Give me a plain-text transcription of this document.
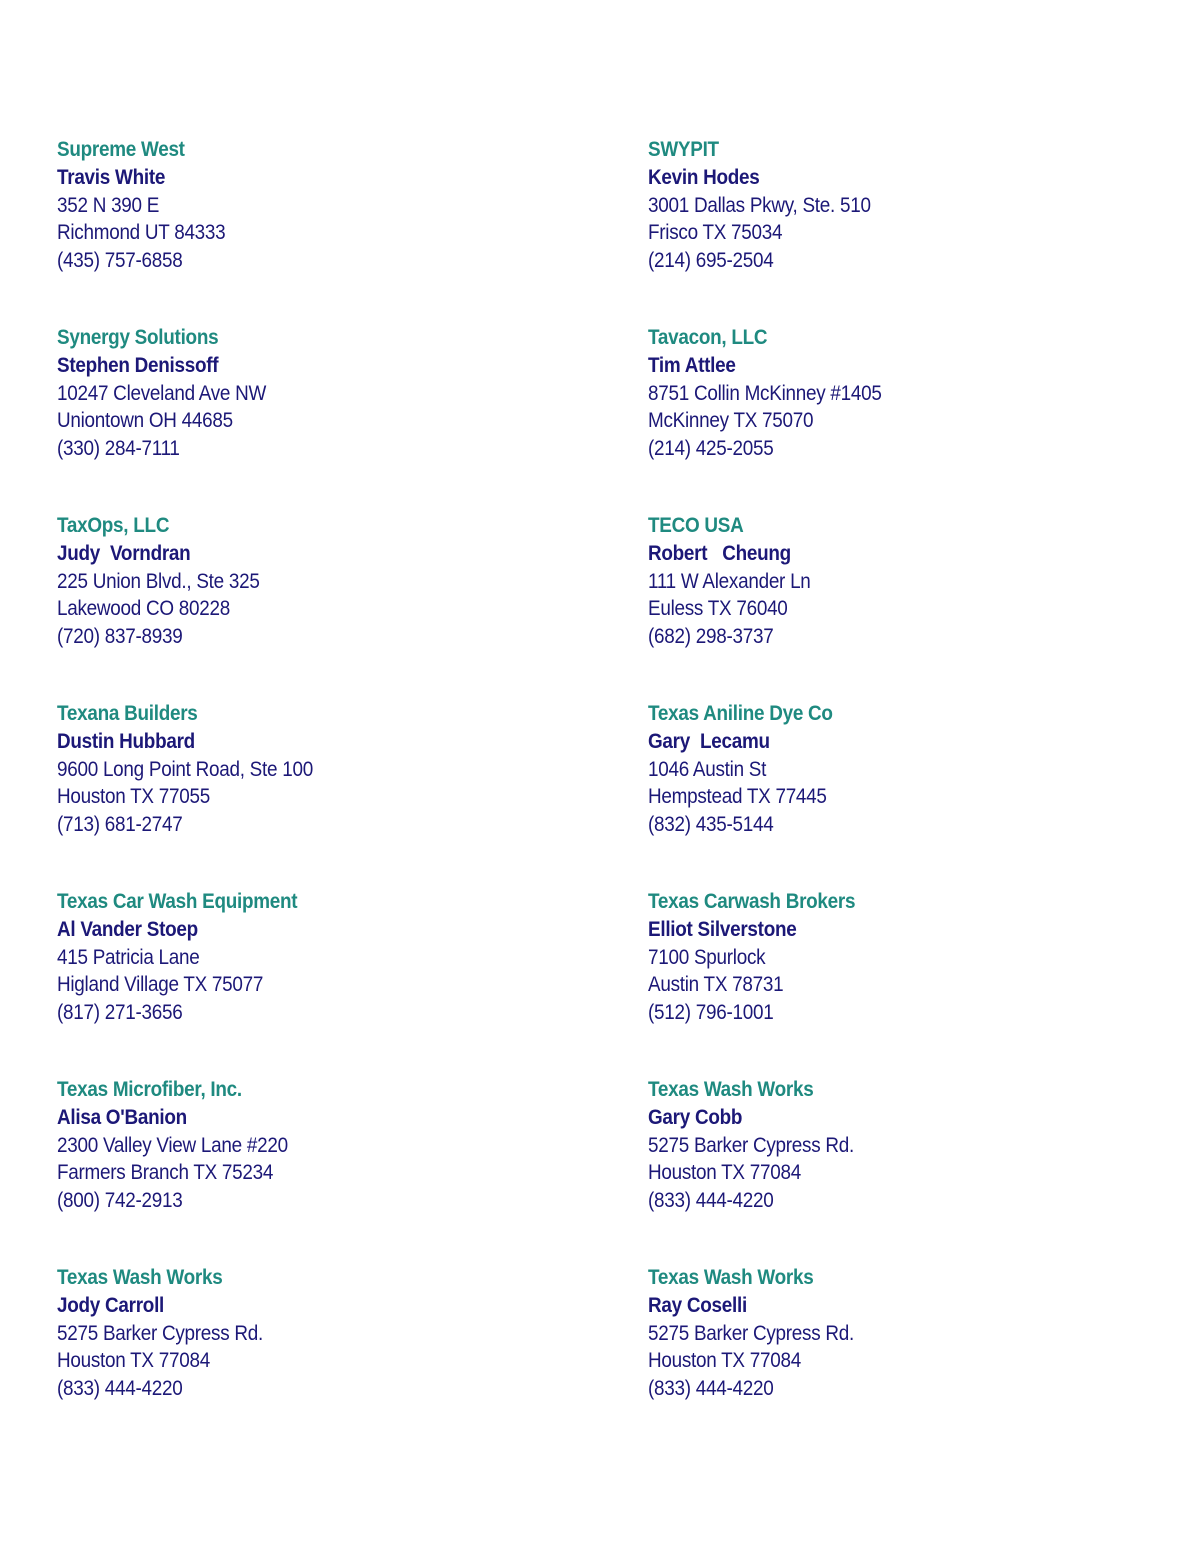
Supreme West
Travis White
352 N 390 E
Richmond UT 84333
(435) 757-6858
SWYPIT
Kevin Hodes
3001 Dallas Pkwy, Ste. 510
Frisco TX 75034
(214) 695-2504
Synergy Solutions
Stephen Denissoff
10247 Cleveland Ave NW
Uniontown OH 44685
(330) 284-7111
Tavacon, LLC
Tim Attlee
8751 Collin McKinney #1405
McKinney TX 75070
(214) 425-2055
TaxOps, LLC
Judy  Vorndran
225 Union Blvd., Ste 325
Lakewood CO 80228
(720) 837-8939
TECO USA
Robert   Cheung
111 W Alexander Ln
Euless TX 76040
(682) 298-3737
Texana Builders
Dustin Hubbard
9600 Long Point Road, Ste 100
Houston TX 77055
(713) 681-2747
Texas Aniline Dye Co
Gary  Lecamu
1046 Austin St
Hempstead TX 77445
(832) 435-5144
Texas Car Wash Equipment
Al Vander Stoep
415 Patricia Lane
Higland Village TX 75077
(817) 271-3656
Texas Carwash Brokers
Elliot Silverstone
7100 Spurlock
Austin TX 78731
(512) 796-1001
Texas Microfiber, Inc.
Alisa O'Banion
2300 Valley View Lane #220
Farmers Branch TX 75234
(800) 742-2913
Texas Wash Works
Gary Cobb
5275 Barker Cypress Rd.
Houston TX 77084
(833) 444-4220
Texas Wash Works
Jody Carroll
5275 Barker Cypress Rd.
Houston TX 77084
(833) 444-4220
Texas Wash Works
Ray Coselli
5275 Barker Cypress Rd.
Houston TX 77084
(833) 444-4220
